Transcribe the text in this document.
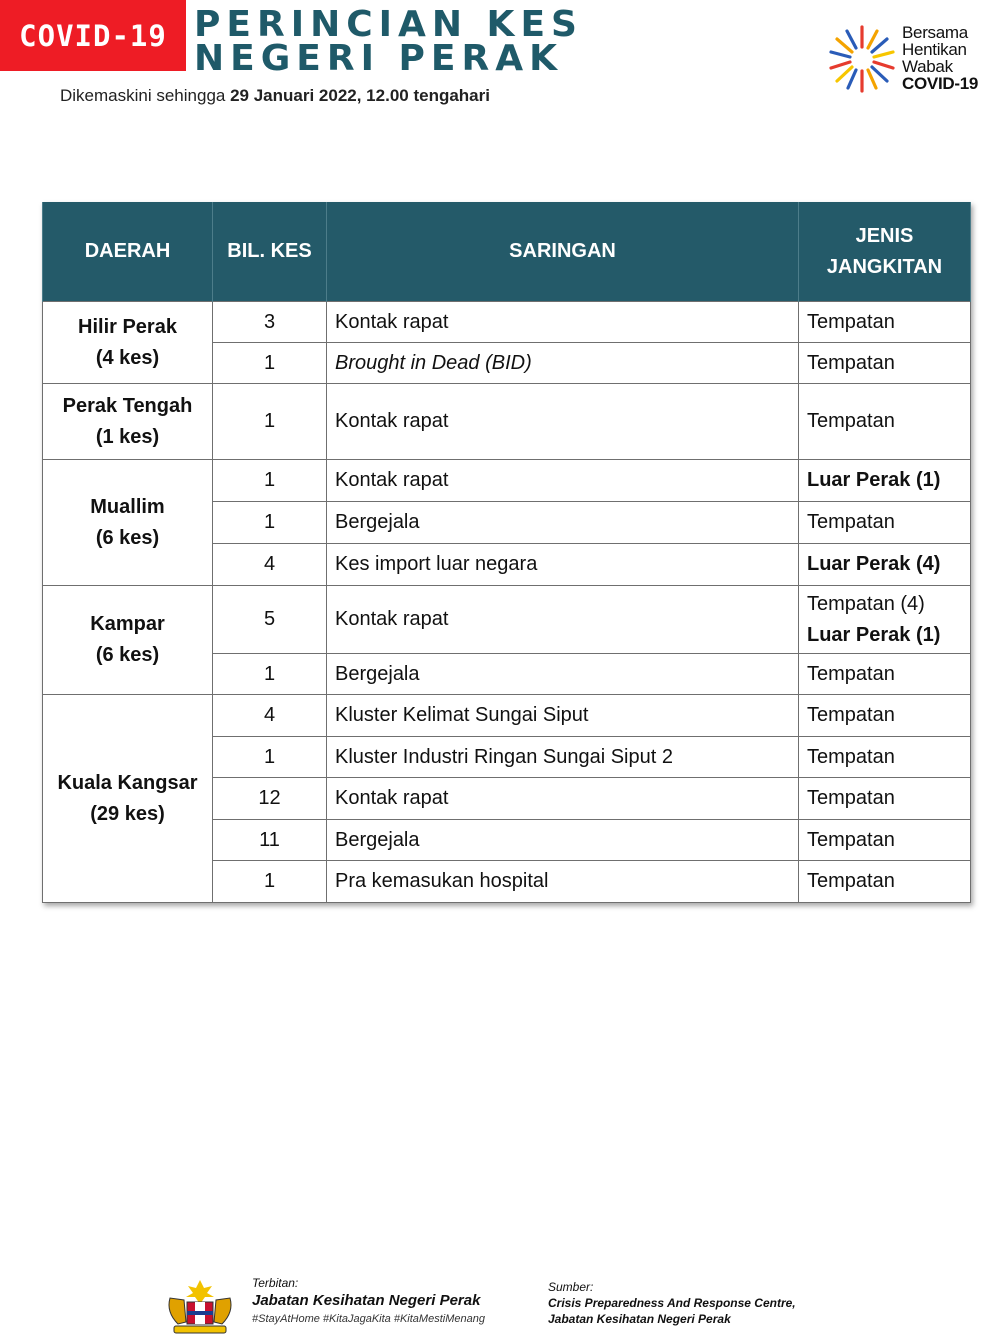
COVID-19 PERINCIAN KES
NEGERI PERAK
Dikemaskini sehingga 29 Januari 2022, 12.00 tengahari
Bersama
Hentikan
Wabak
COVID-19
DAERAH	BIL. KES	SARINGAN	JENIS
JANGKITAN
Hilir Perak
(4 kes)	3	Kontak rapat	Tempatan
	1	Brought in Dead (BID)	Tempatan
Perak Tengah
(1 kes)	1	Kontak rapat	Tempatan
Muallim
(6 kes)	1	Kontak rapat	Luar Perak (1)
	1	Bergejala	Tempatan
	4	Kes import luar negara	Luar Perak (4)
Kampar
(6 kes)	5	Kontak rapat	Tempatan (4)
Luar Perak (1)
	1	Bergejala	Tempatan
Kuala Kangsar
(29 kes)	4	Kluster Kelimat Sungai Siput	Tempatan
	1	Kluster Industri Ringan Sungai Siput 2	Tempatan
	12	Kontak rapat	Tempatan
	11	Bergejala	Tempatan
	1	Pra kemasukan hospital	Tempatan
Terbitan:
Jabatan Kesihatan Negeri Perak
#StayAtHome #KitaJagaKita #KitaMestiMenang
Sumber:
Crisis Preparedness And Response Centre,
Jabatan Kesihatan Negeri Perak
